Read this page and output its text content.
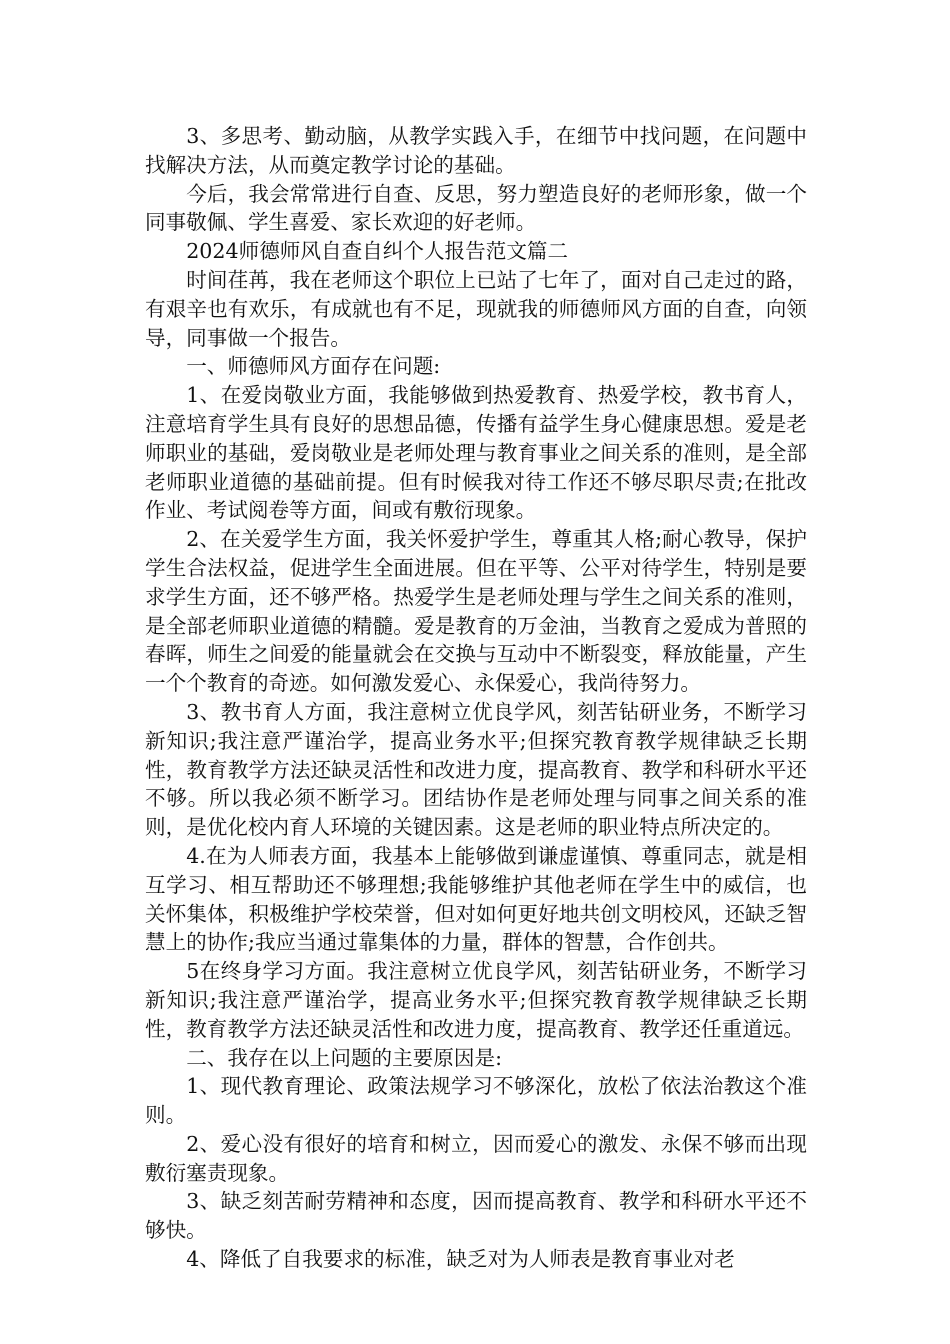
3、多思考、勤动脑，从教学实践入手，在细节中找问题，在问题中找解决方法，从而奠定教学讨论的基础。

今后，我会常常进行自查、反思，努力塑造良好的老师形象，做一个同事敬佩、学生喜爱、家长欢迎的好老师。

2024师德师风自查自纠个人报告范文篇二

时间荏苒，我在老师这个职位上已站了七年了，面对自己走过的路，有艰辛也有欢乐，有成就也有不足，现就我的师德师风方面的自查，向领导，同事做一个报告。

一、师德师风方面存在问题:

1、在爱岗敬业方面，我能够做到热爱教育、热爱学校，教书育人，注意培育学生具有良好的思想品德，传播有益学生身心健康思想。爱是老师职业的基础，爱岗敬业是老师处理与教育事业之间关系的准则，是全部老师职业道德的基础前提。但有时候我对待工作还不够尽职尽责;在批改作业、考试阅卷等方面，间或有敷衍现象。

2、在关爱学生方面，我关怀爱护学生，尊重其人格;耐心教导，保护学生合法权益，促进学生全面进展。但在平等、公平对待学生，特别是要求学生方面，还不够严格。热爱学生是老师处理与学生之间关系的准则，是全部老师职业道德的精髓。爱是教育的万金油，当教育之爱成为普照的春晖，师生之间爱的能量就会在交换与互动中不断裂变，释放能量，产生一个个教育的奇迹。如何激发爱心、永保爱心，我尚待努力。

3、教书育人方面，我注意树立优良学风，刻苦钻研业务，不断学习新知识;我注意严谨治学，提高业务水平;但探究教育教学规律缺乏长期性，教育教学方法还缺灵活性和改进力度，提高教育、教学和科研水平还不够。所以我必须不断学习。团结协作是老师处理与同事之间关系的准则，是优化校内育人环境的关键因素。这是老师的职业特点所决定的。

4.在为人师表方面，我基本上能够做到谦虚谨慎、尊重同志，就是相互学习、相互帮助还不够理想;我能够维护其他老师在学生中的威信，也关怀集体，积极维护学校荣誉，但对如何更好地共创文明校风，还缺乏智慧上的协作;我应当通过靠集体的力量，群体的智慧，合作创共。

5在终身学习方面。我注意树立优良学风，刻苦钻研业务，不断学习新知识;我注意严谨治学，提高业务水平;但探究教育教学规律缺乏长期性，教育教学方法还缺灵活性和改进力度，提高教育、教学还任重道远。

二、我存在以上问题的主要原因是:

1、现代教育理论、政策法规学习不够深化，放松了依法治教这个准则。

2、爱心没有很好的培育和树立，因而爱心的激发、永保不够而出现敷衍塞责现象。

3、缺乏刻苦耐劳精神和态度，因而提高教育、教学和科研水平还不够快。

4、降低了自我要求的标准，缺乏对为人师表是教育事业对老
